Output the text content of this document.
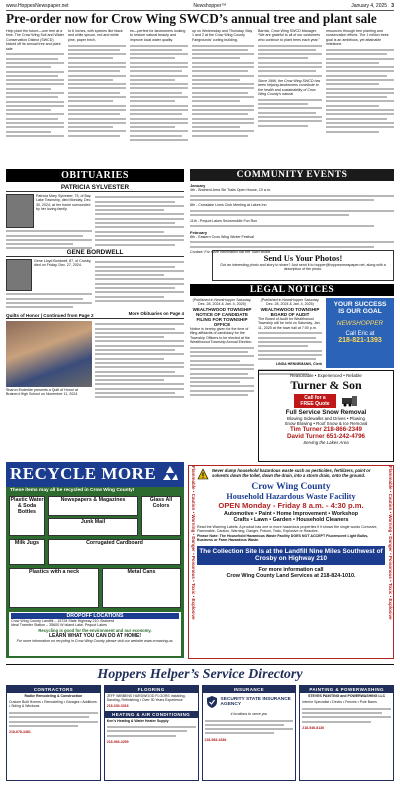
www.HoppesNewspaper.net	Newshopper™	January 4, 2025 3
Pre-order now for Crow Wing SWCD’s annual tree and plant sale
Help plant the future—one tree at a time. The Crow Wing Soil and Water Conservation District (SWCD) kicked off its annual tree and plant sale
to 6 inches, with species like black and white spruce, red and white pine, paper birch,
es—perfect for landowners looking to restore natural beauty and improve local water quality.
up on Wednesday and Thursday, May 1 and 2 at the Crow Wing County Fairgrounds’ curling building.
Barrick, Crow Wing SWCD Manager. “We are grateful to all of our customers who continue to plant trees each year.”
Since 1996, the Crow Wing SWCD has been helping landowners contribute to the health and sustainability of Crow Wing County’s natural
resources through tree planting and conservation efforts. The 1 million trees goal is an ambitious, yet attainable milestone.
OBITUARIES
PATRICIA SYLVESTER
Patricia Mary Sylvester, 75, of Bay Lake Township, died Monday, Dec. 30, 2024, at her home surrounded by her loving family.
GENE BORDWELL
Gene Lloyd Bordwell, 87, of Crosby, died on Friday, Dec. 27, 2024.
More Obituaries on Page 4
Quilts of Honor | Continued from Page 2
Sharon Enderlde presents a Quilt of Honor at Brainerd High School on November 11, 2024.
COMMUNITY EVENTS
January
4th - Brainerd Area Ski Trails Open House, 10 a.m.
8th - Crosslake Lions Club Meeting at Lakes Inn
11th - Pequot Lakes Snowmobile Fun Run
February
8th - Eastern Crow Wing Winter Festival
Contact: For more information call the Town Board
Send Us Your Photos!
Got an interesting photo and story to share? Just send it to hopper@hoppesnewspaper.net, along with a description of the photo.
LEGAL NOTICES
(Published in NewsHopper Saturday, Dec. 28, 2024 & Jan. 4, 2025)
WEALTHWOOD TOWNSHIP NOTICE OF CANDIDATE FILING FOR TOWNSHIP OFFICE
Notice is hereby given for the time of filing affidavits of candidacy for the Township Officers to be elected at the Wealthwood Township Annual Election.
(Published in NewsHopper Saturday, Dec. 28, 2024 & Jan. 4, 2025)
WEALTHWOOD TOWNSHIP BOARD OF AUDIT
The Board of Audit for Wealthwood Township will be held on Saturday, Jan. 11, 2025 at the town hall at 7:00 p.m.
LINDA HENNEMANN, Clerk
YOUR SUCCESS
IS OUR GOAL
NEWSHOPPER
Call Eric at
218-821-1393
Reasonable • Experienced • Reliable
Turner & Son
Call for a FREE Quote
Full Service Snow Removal
Blowing Sidewalks and Drives • Plowing
Snow Blowing • Roof Snow & Ice Removal
Tim Turner 218-866-2349
David Turner 651-242-4796
Serving the Lakes Area
RECYCLE MORE
These items may all be recycled in Crow Wing County!
Plastic Water & Soda Bottles
Newspapers & Magazines	Glass All Colors
Junk Mail
Milk Jugs	Corrugated Cardboard
Plastics with a neck	Metal Cans
DROPOFF LOCATIONS
Crow Wing County Landfill – 15728 State Highway 210, Brainerd
Ideal Transfer Station – 35600 W Island Lake, Pequot Lakes
Recycling is good for the environment and our economy.
LEARN WHAT YOU CAN DO AT HOME!
For more information on recycling in Crow Wing County please visit our website www.crowwing.us.
Flammable • Caution • Warning • Danger • Poisonous • Toxic • Explosive	Flammable • Caution • Warning • Danger • Poisonous • Toxic • Explosive
Never dump household hazardous waste such as pesticides, fertilizers, paint or solvents down the toilet, down the drain, into a storm drain, onto the ground.
Crow Wing County
Household Hazardous Waste Facility
OPEN Monday - Friday 8 a.m. - 4:30 p.m.
Automotive • Paint • Home Improvement • Workshop
Crafts • Lawn • Garden • Household Cleaners
Read the Warning Labels: A product has one or more hazardous properties if it shows the single words Corrosive, Flammable, Caution, Warning, Danger, Poison, Toxic, Explosive or Reactive.
Please Note: The Household Hazardous Waste Facility DOES NOT ACCEPT Fluorescent Light Bulbs, Business or Farm Hazardous Waste.
The Collection Site is at the Landfill Nine Miles Southwest of Crosby on Highway 210
For more information call
Crow Wing County Land Services at 218-824-1010.
Hoppers Helper’s Service Directory
CONTRACTORS
Radke Remodeling & Construction
Custom Built Homes • Remodeling • Garages • Additions • Siding & Windows
218-678-3481
FLOORING
JEFF WIBBENS HARDWOOD FLOORS Installing, Sanding, Refinishing • Over 30 Years Experience
218-330-3316
HEATING & AIR CONDITIONING
Ken’s Heating & Water Heater Supply
218-963-4259
INSURANCE
SECURITY STATE INSURANCE AGENCY
4 locations to serve you
218-963-4336
PAINTING & POWERWASHING
STEVES PAINTING and POWERWASHING LLC
Interior Specialist • Decks • Fences • Pole Barns
218-546-8136
